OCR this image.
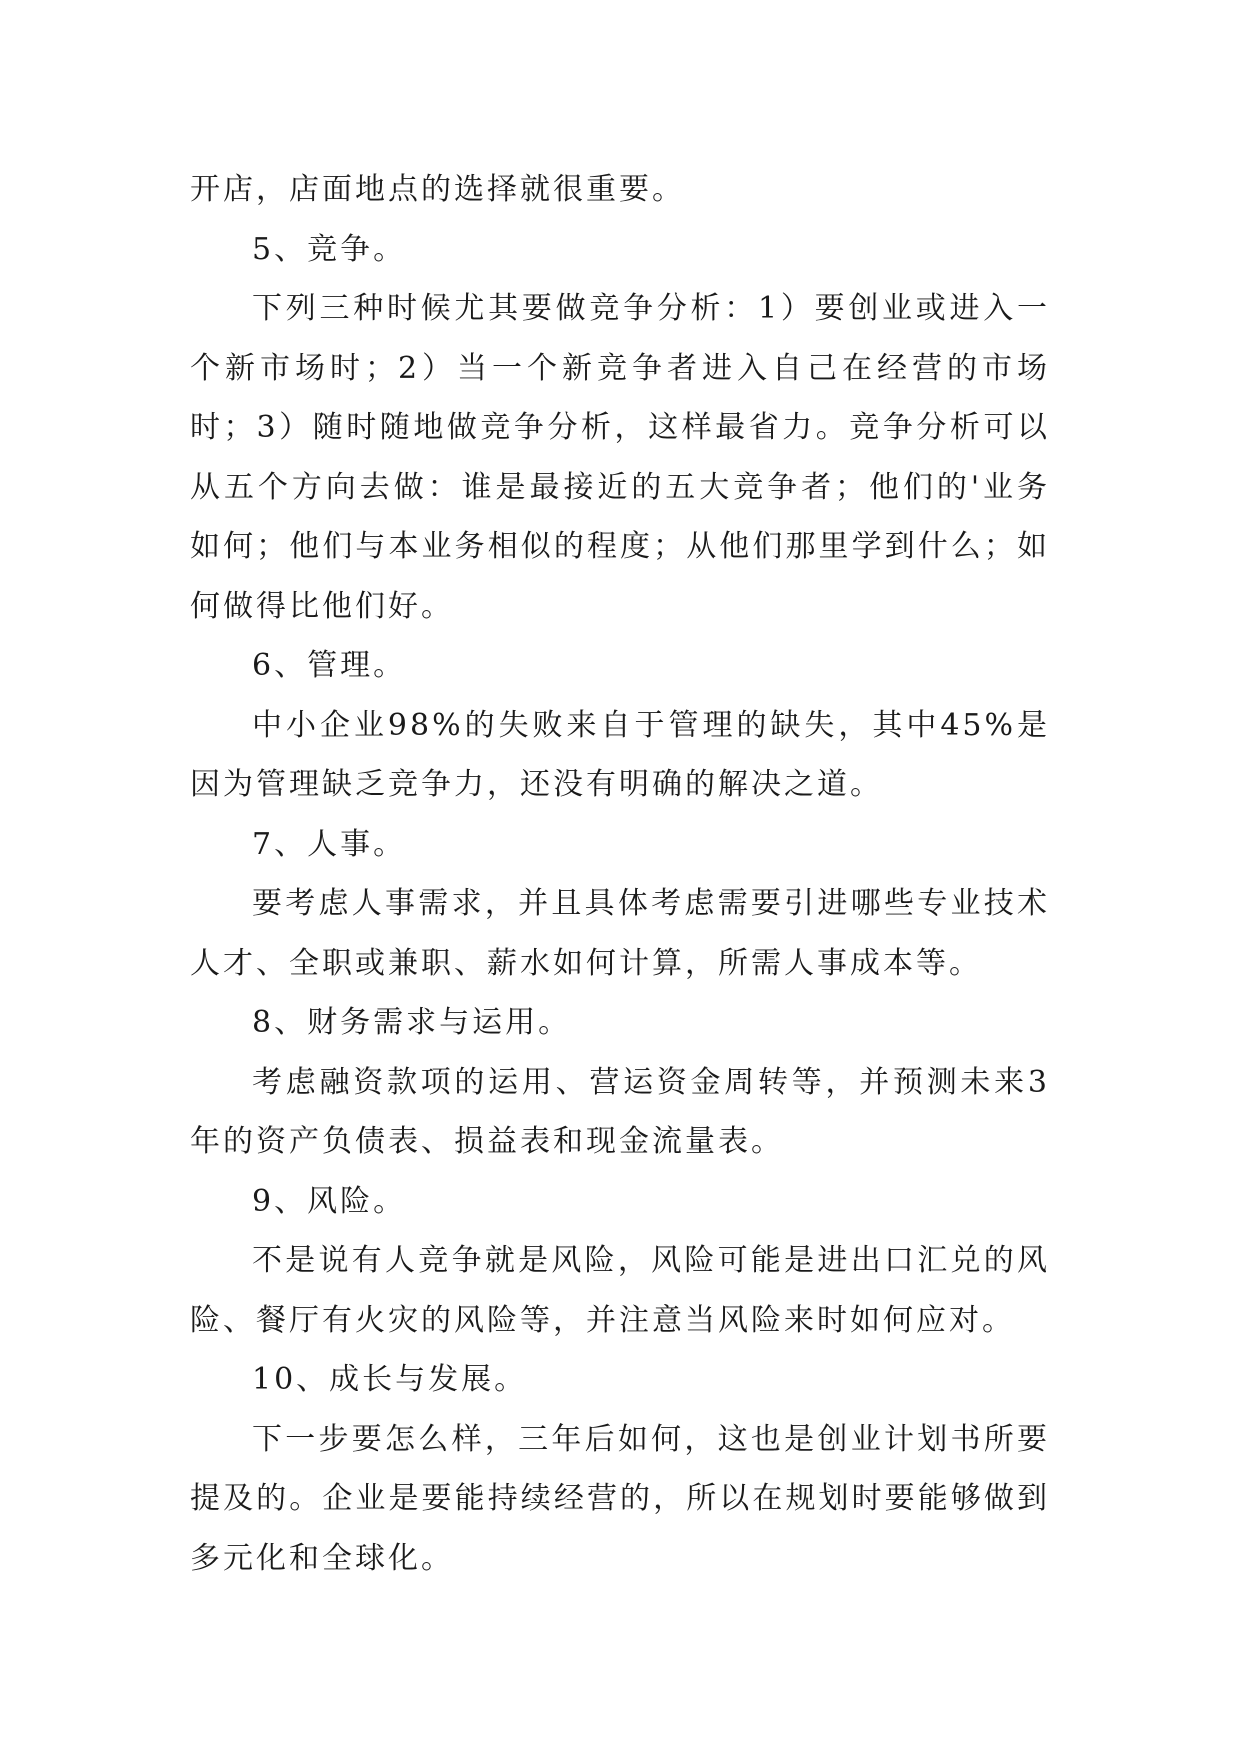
开店，店面地点的选择就很重要。

5、竞争。

下列三种时候尤其要做竞争分析：1）要创业或进入一个新市场时；2）当一个新竞争者进入自己在经营的市场时；3）随时随地做竞争分析，这样最省力。竞争分析可以从五个方向去做：谁是最接近的五大竞争者；他们的'业务如何；他们与本业务相似的程度；从他们那里学到什么；如何做得比他们好。

6、管理。

中小企业98%的失败来自于管理的缺失，其中45%是因为管理缺乏竞争力，还没有明确的解决之道。

7、人事。

要考虑人事需求，并且具体考虑需要引进哪些专业技术人才、全职或兼职、薪水如何计算，所需人事成本等。

8、财务需求与运用。

考虑融资款项的运用、营运资金周转等，并预测未来3年的资产负债表、损益表和现金流量表。

9、风险。

不是说有人竞争就是风险，风险可能是进出口汇兑的风险、餐厅有火灾的风险等，并注意当风险来时如何应对。

10、成长与发展。

下一步要怎么样，三年后如何，这也是创业计划书所要提及的。企业是要能持续经营的，所以在规划时要能够做到多元化和全球化。
